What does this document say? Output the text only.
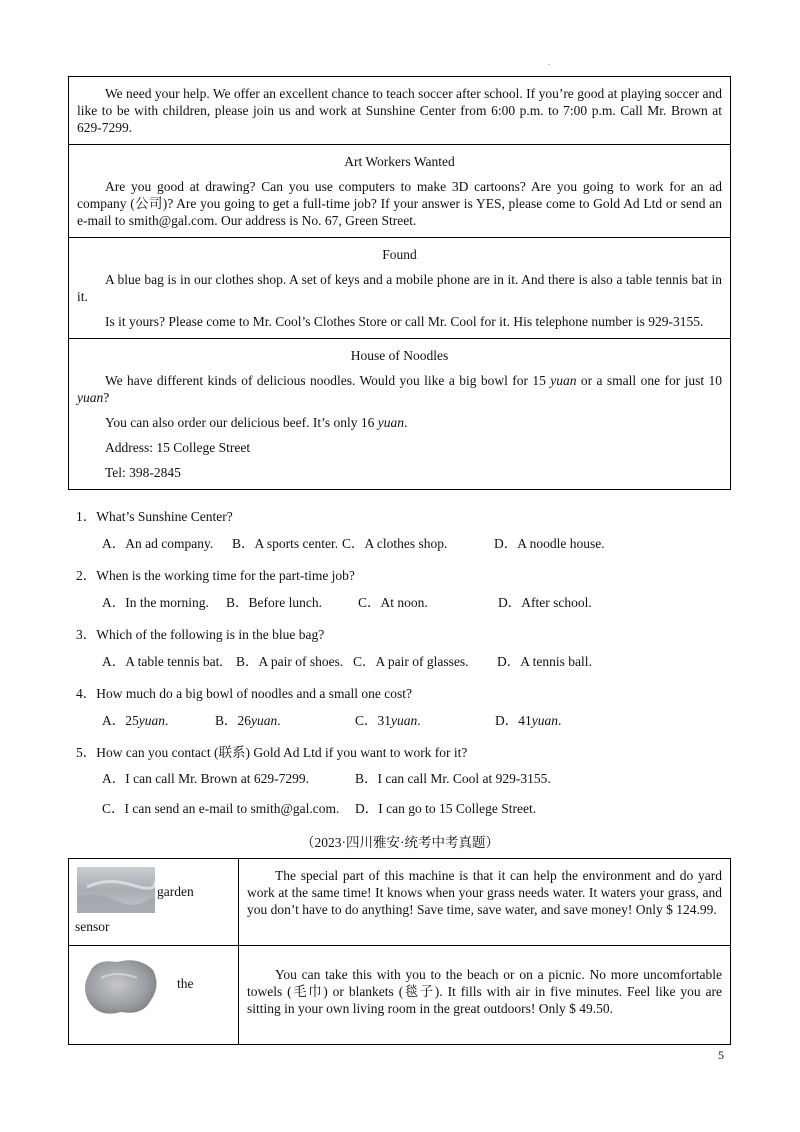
.

We need your help. We offer an excellent chance to teach soccer after school. If you’re good at playing soccer and like to be with children, please join us and work at Sunshine Center from 6:00 p.m. to 7:00 p.m. Call Mr. Brown at 629-7299.

Art Workers Wanted

Are you good at drawing? Can you use computers to make 3D cartoons? Are you going to work for an ad company (公司)? Are you going to get a full-time job? If your answer is YES, please come to Gold Ad Ltd or send an e-mail to smith@gal.com. Our address is No. 67, Green Street.

Found

A blue bag is in our clothes shop. A set of keys and a mobile phone are in it. And there is also a table tennis bat in it.

Is it yours? Please come to Mr. Cool’s Clothes Store or call Mr. Cool for it. His telephone number is 929-3155.

House of Noodles

We have different kinds of delicious noodles. Would you like a big bowl for 15 yuan or a small one for just 10 yuan?

You can also order our delicious beef. It’s only 16 yuan.

Address: 15 College Street

Tel: 398-2845

1．What’s Sunshine Center?
A．An ad company.	B．A sports center. C．A clothes shop.	D．A noodle house.
2．When is the working time for the part-time job?
A．In the morning.	B．Before lunch.	C．At noon.	D．After school.
3．Which of the following is in the blue bag?
A．A table tennis bat. B．A pair of shoes. C．A pair of glasses.	D．A tennis ball.
4．How much do a big bowl of noodles and a small one cost?
A．25yuan.	B．26yuan.	C．31yuan.	D．41yuan.
5．How can you contact (联系) Gold Ad Ltd if you want to work for it?
A．I can call Mr. Brown at 629-7299.	B．I can call Mr. Cool at 929-3155.
C．I can send an e-mail to smith@gal.com.	D．I can go to 15 College Street.
（2023·四川雅安·统考中考真题）
garden
sensor
The special part of this machine is that it can help the environment and do yard work at the same time! It knows when your grass needs water. It waters your grass, and you don’t have to do anything! Save time, save water, and save money! Only $ 124.99.
the
You can take this with you to the beach or on a picnic. No more uncomfortable towels (毛巾) or blankets (毯子). It fills with air in five minutes. Feel like you are sitting in your own living room in the great outdoors! Only $ 49.50.
5
